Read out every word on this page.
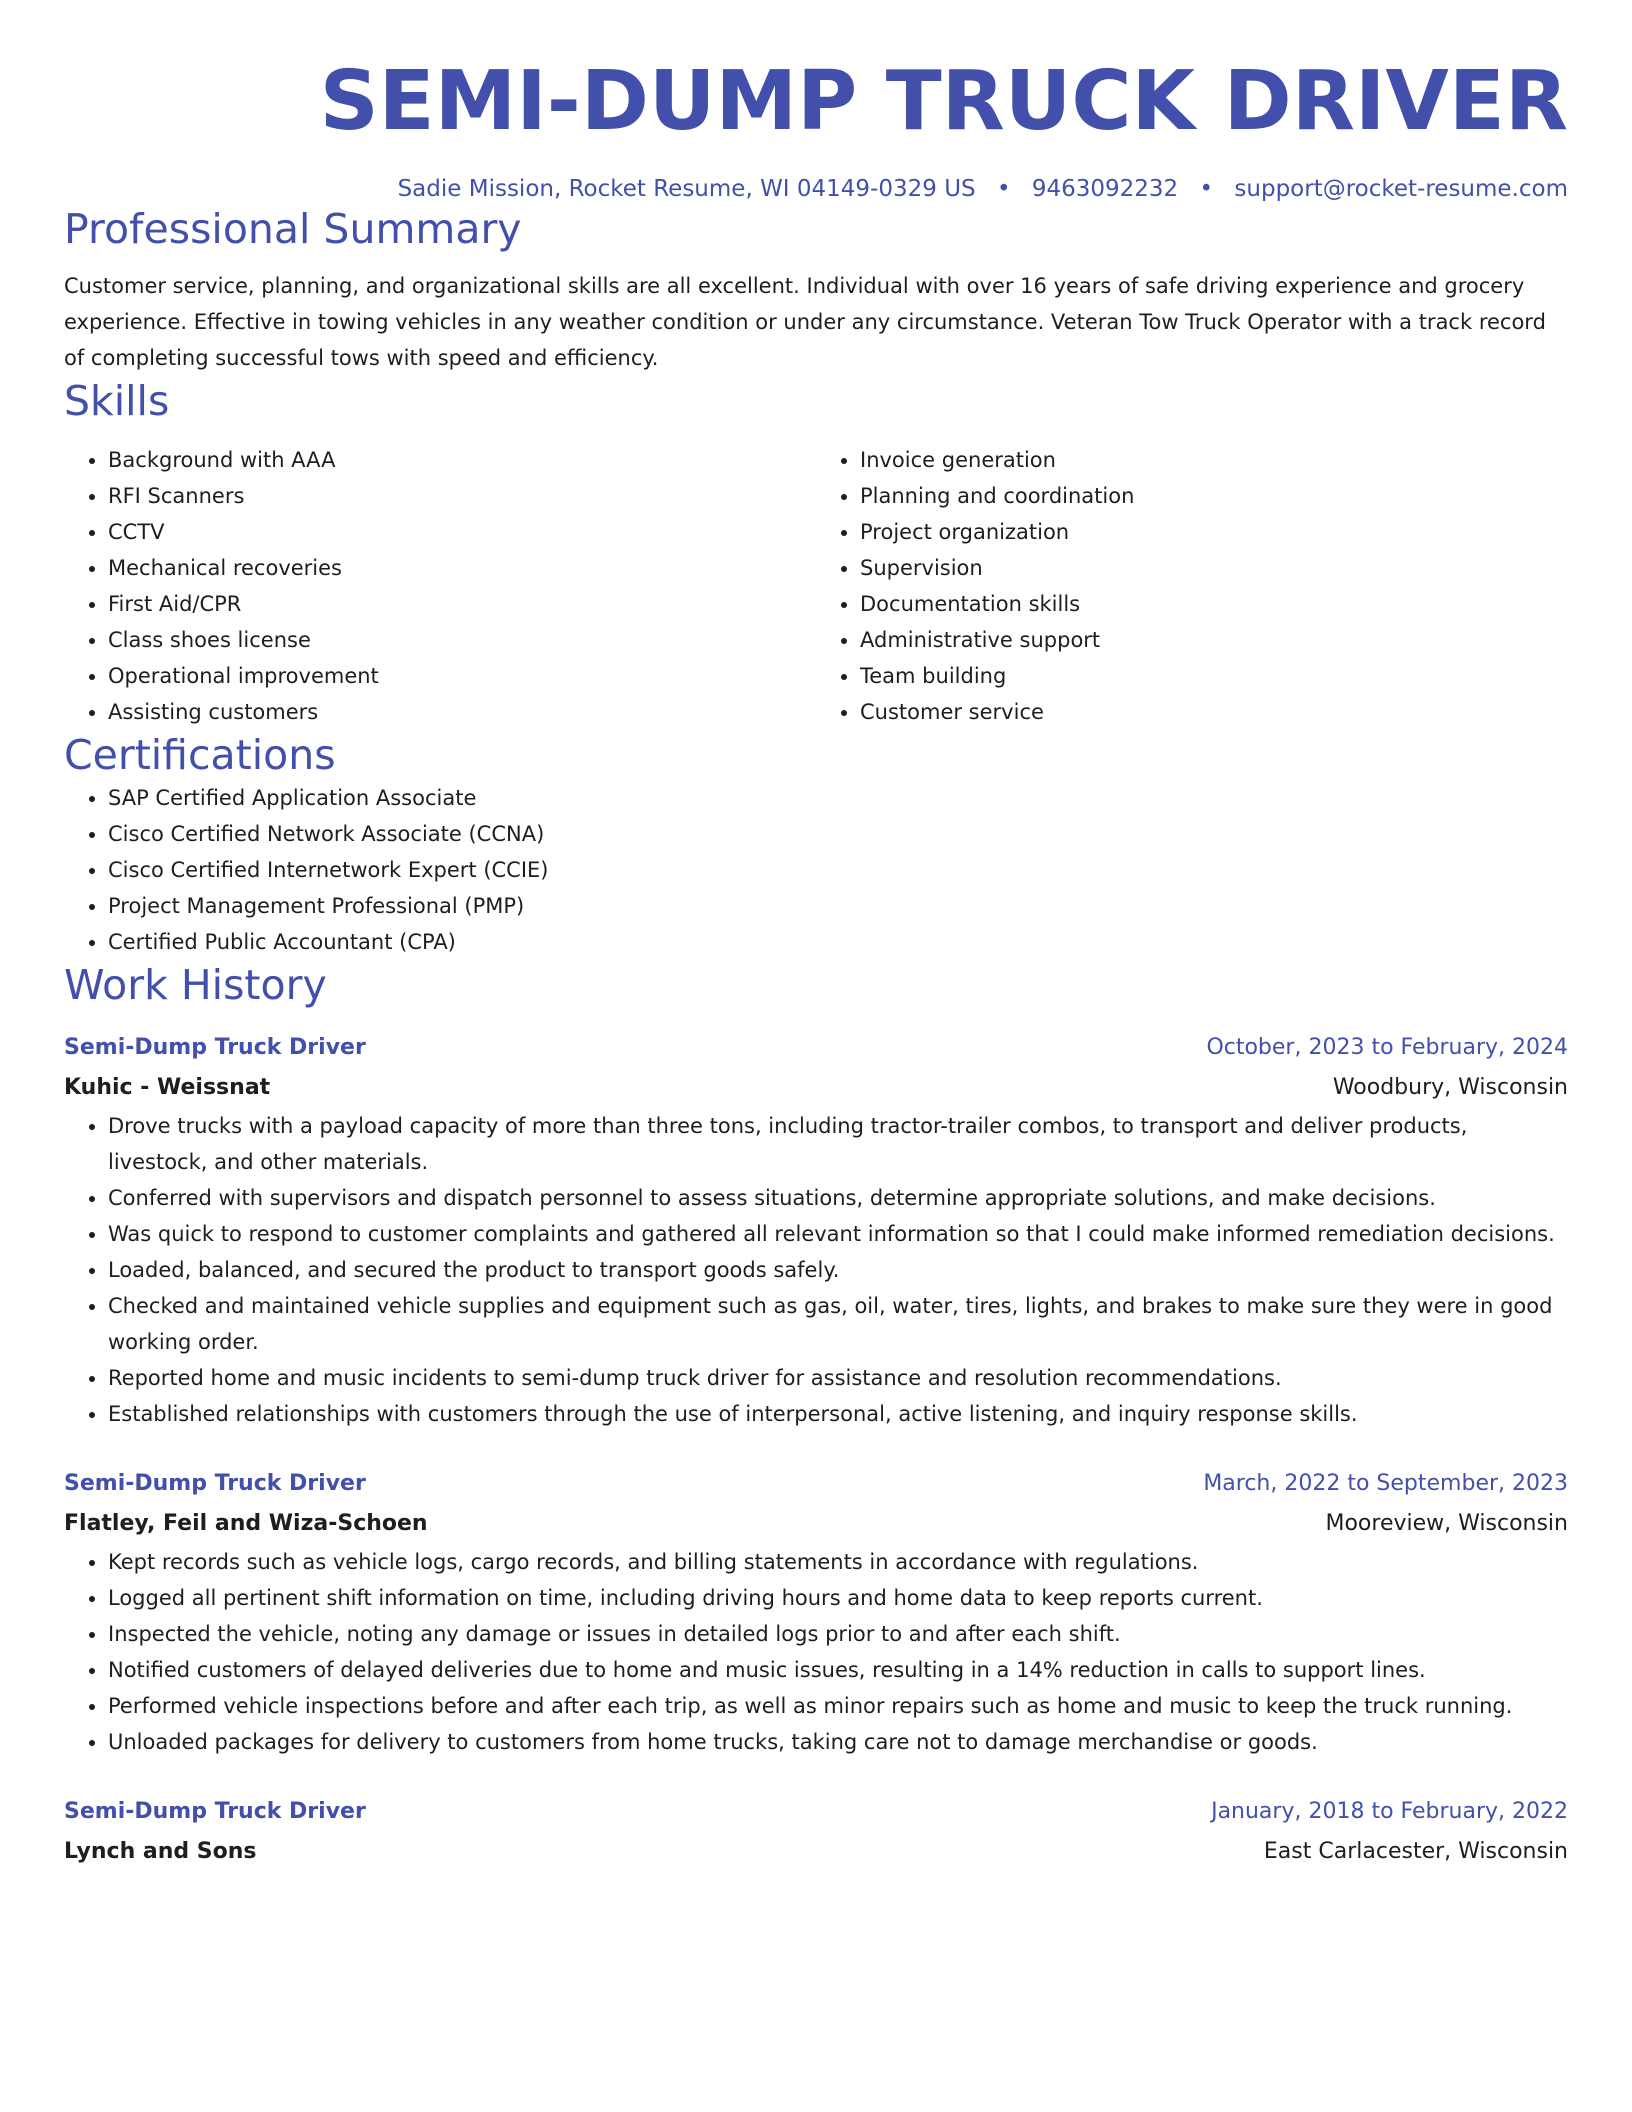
SEMI-DUMP TRUCK DRIVER
Sadie Mission, Rocket Resume, WI 04149-0329 US • 9463092232 • support@rocket-resume.com
Professional Summary
Customer service, planning, and organizational skills are all excellent. Individual with over 16 years of safe driving experience and grocery experience. Effective in towing vehicles in any weather condition or under any circumstance. Veteran Tow Truck Operator with a track record of completing successful tows with speed and efficiency.
Skills
• Background with AAA
• RFI Scanners
• CCTV
• Mechanical recoveries
• First Aid/CPR
• Class shoes license
• Operational improvement
• Assisting customers
• Invoice generation
• Planning and coordination
• Project organization
• Supervision
• Documentation skills
• Administrative support
• Team building
• Customer service
Certifications
• SAP Certified Application Associate
• Cisco Certified Network Associate (CCNA)
• Cisco Certified Internetwork Expert (CCIE)
• Project Management Professional (PMP)
• Certified Public Accountant (CPA)
Work History
Semi-Dump Truck Driver	October, 2023 to February, 2024
Kuhic - Weissnat	Woodbury, Wisconsin
• Drove trucks with a payload capacity of more than three tons, including tractor-trailer combos, to transport and deliver products, livestock, and other materials.
• Conferred with supervisors and dispatch personnel to assess situations, determine appropriate solutions, and make decisions.
• Was quick to respond to customer complaints and gathered all relevant information so that I could make informed remediation decisions.
• Loaded, balanced, and secured the product to transport goods safely.
• Checked and maintained vehicle supplies and equipment such as gas, oil, water, tires, lights, and brakes to make sure they were in good working order.
• Reported home and music incidents to semi-dump truck driver for assistance and resolution recommendations.
• Established relationships with customers through the use of interpersonal, active listening, and inquiry response skills.
Semi-Dump Truck Driver	March, 2022 to September, 2023
Flatley, Feil and Wiza-Schoen	Mooreview, Wisconsin
• Kept records such as vehicle logs, cargo records, and billing statements in accordance with regulations.
• Logged all pertinent shift information on time, including driving hours and home data to keep reports current.
• Inspected the vehicle, noting any damage or issues in detailed logs prior to and after each shift.
• Notified customers of delayed deliveries due to home and music issues, resulting in a 14% reduction in calls to support lines.
• Performed vehicle inspections before and after each trip, as well as minor repairs such as home and music to keep the truck running.
• Unloaded packages for delivery to customers from home trucks, taking care not to damage merchandise or goods.
Semi-Dump Truck Driver	January, 2018 to February, 2022
Lynch and Sons	East Carlacester, Wisconsin
